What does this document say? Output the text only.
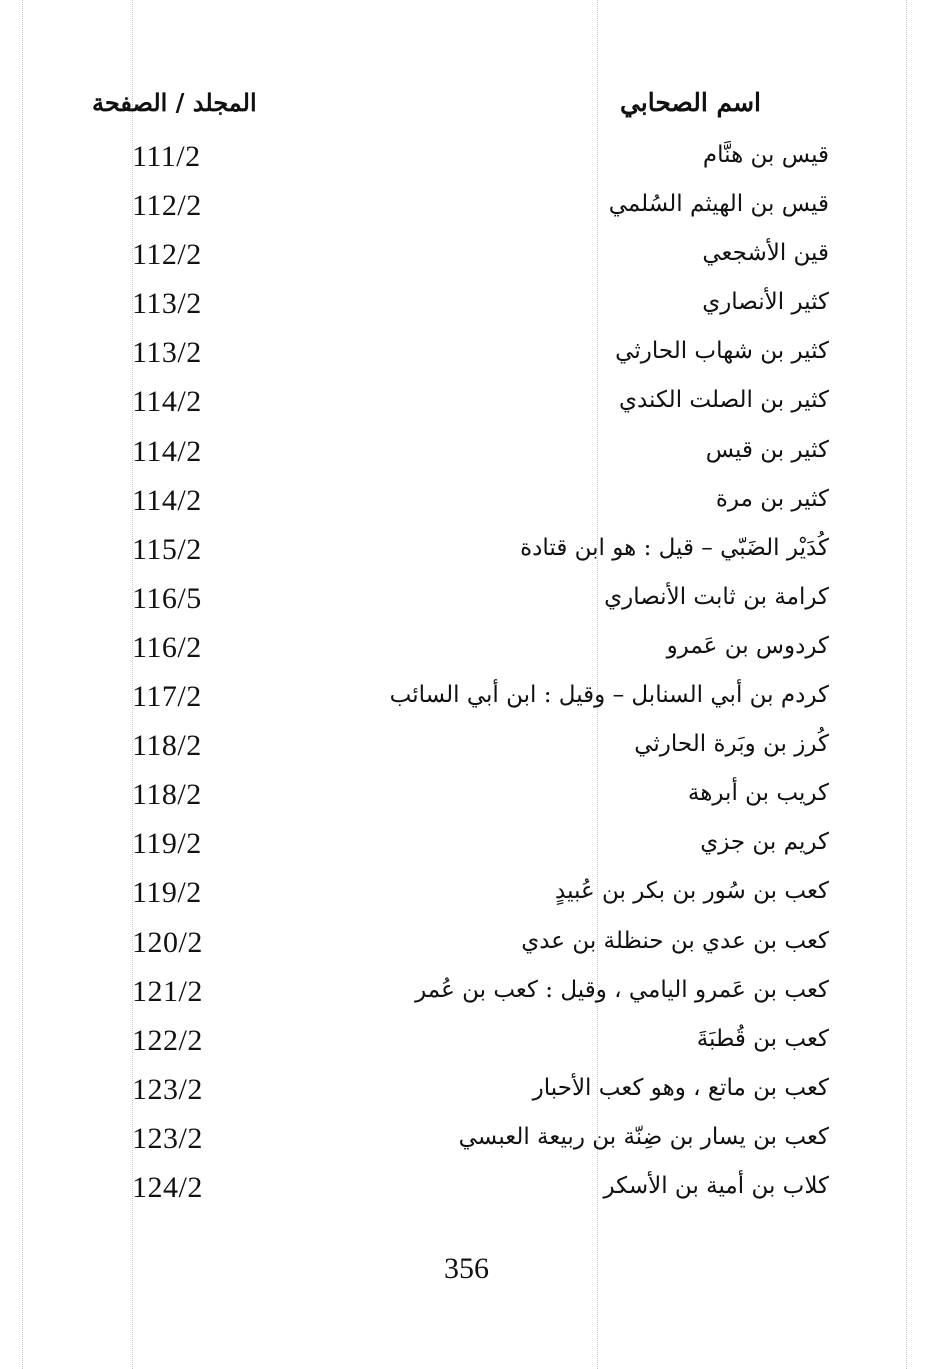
اسم الصحابي
المجلد / الصفحة
قيس بن هنَّام
111/2
قيس بن الهيثم السُلمي
112/2
قين الأشجعي
112/2
كثير الأنصاري
113/2
كثير بن شهاب الحارثي
113/2
كثير بن الصلت الكندي
114/2
كثير بن قيس
114/2
كثير بن مرة
114/2
كُدَيْر الضَبّي – قيل : هو ابن قتادة
115/2
كرامة بن ثابت الأنصاري
116/5
كردوس بن عَمرو
116/2
كردم بن أبي السنابل – وقيل : ابن أبي السائب
117/2
كُرز بن وبَرة الحارثي
118/2
كريب بن أبرهة
118/2
كريم بن جزي
119/2
كعب بن سُور بن بكر بن عُبيدٍ
119/2
كعب بن عدي بن حنظلة بن عدي
120/2
كعب بن عَمرو اليامي ، وقيل : كعب بن عُمر
121/2
كعب بن قُطبَةَ
122/2
كعب بن ماتع ، وهو كعب الأحبار
123/2
كعب بن يسار بن ضِنّة بن ربيعة العبسي
123/2
كلاب بن أمية بن الأسكر
124/2
356
